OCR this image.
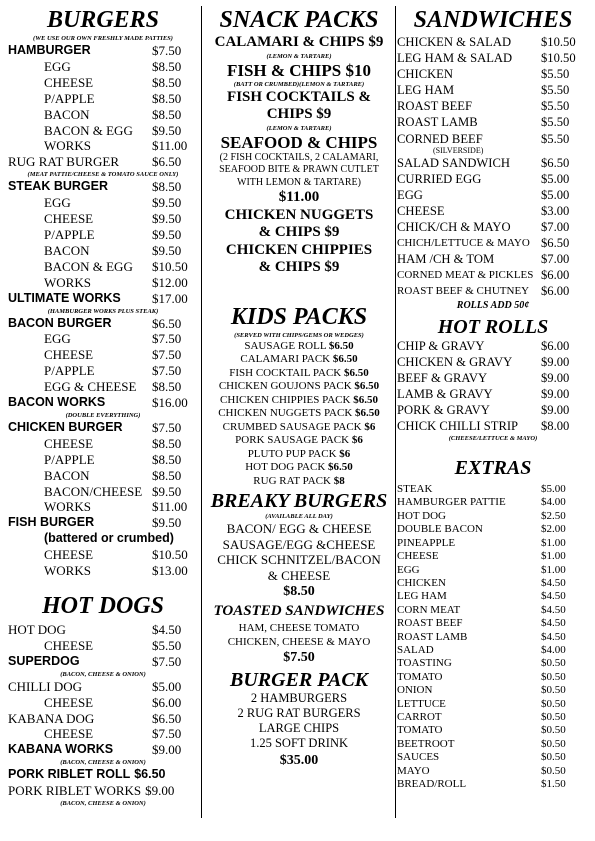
BURGERS
(WE USE OUR OWN FRESHLY MADE PATTIES)
HAMBURGER	$7.50
EGG	$8.50
CHEESE	$8.50
P/APPLE	$8.50
BACON	$8.50
BACON & EGG $9.50
WORKS	$11.00
RUG RAT BURGER	$6.50
(MEAT PATTIE/CHEESE & TOMATO SAUCE ONLY)
STEAK BURGER	$8.50
EGG	$9.50
CHEESE	$9.50
P/APPLE	$9.50
BACON	$9.50
BACON & EGG $10.50
WORKS	$12.00
ULTIMATE WORKS $17.00
(HAMBURGER WORKS PLUS STEAK)
BACON BURGER	$6.50
EGG	$7.50
CHEESE	$7.50
P/APPLE	$7.50
EGG & CHEESE $8.50
BACON WORKS	$16.00
(DOUBLE EVERYTHING)
CHICKEN BURGER $7.50
CHEESE	$8.50
P/APPLE	$8.50
BACON	$8.50
BACON/CHEESE $9.50
WORKS	$11.00
FISH BURGER	$9.50
(battered or crumbed)
CHEESE	$10.50
WORKS	$13.00
HOT DOGS
HOT DOG	$4.50
CHEESE	$5.50
SUPERDOG	$7.50
(BACON, CHEESE & ONION)
CHILLI DOG	$5.00
CHEESE	$6.00
KABANA DOG	$6.50
CHEESE	$7.50
KABANA WORKS	$9.00
(BACON, CHEESE & ONION)
PORK RIBLET ROLL $6.50
PORK RIBLET WORKS $9.00
(BACON, CHEESE & ONION)
SNACK PACKS
CALAMARI & CHIPS $9
(LEMON & TARTARE)
FISH & CHIPS $10
(BATT OR CRUMBED)(LEMON & TARTARE)
FISH COCKTAILS &
CHIPS $9
(LEMON & TARTARE)
SEAFOOD & CHIPS
(2 FISH COCKTAILS, 2 CALAMARI,
SEAFOOD BITE & PRAWN CUTLET
WITH LEMON & TARTARE)
$11.00
CHICKEN NUGGETS
& CHIPS $9
CHICKEN CHIPPIES
& CHIPS $9
KIDS PACKS
(SERVED WITH CHIPS/GEMS OR WEDGES)
SAUSAGE ROLL $6.50
CALAMARI PACK $6.50
FISH COCKTAIL PACK $6.50
CHICKEN GOUJONS PACK $6.50
CHICKEN CHIPPIES PACK $6.50
CHICKEN NUGGETS PACK $6.50
CRUMBED SAUSAGE PACK $6
PORK SAUSAGE PACK $6
PLUTO PUP PACK $6
HOT DOG PACK $6.50
RUG RAT PACK $8
BREAKY BURGERS
(AVAILABLE ALL DAY)
BACON/ EGG & CHEESE
SAUSAGE/EGG &CHEESE
CHICK SCHNITZEL/BACON
& CHEESE
$8.50
TOASTED SANDWICHES
HAM, CHEESE TOMATO
CHICKEN, CHEESE & MAYO
$7.50
BURGER PACK
2 HAMBURGERS
2 RUG RAT BURGERS
LARGE CHIPS
1.25 SOFT DRINK
$35.00
SANDWICHES
CHICKEN & SALAD	$10.50
LEG HAM & SALAD	$10.50
CHICKEN	$5.50
LEG HAM	$5.50
ROAST BEEF	$5.50
ROAST LAMB	$5.50
CORNED BEEF	$5.50
(SILVERSIDE)
SALAD SANDWICH	$6.50
CURRIED EGG	$5.00
EGG	$5.00
CHEESE	$3.00
CHICK/CH & MAYO	$7.00
CHICH/LETTUCE & MAYO $6.50
HAM /CH & TOM	$7.00
CORNED MEAT & PICKLES $6.00
ROAST BEEF & CHUTNEY $6.00
ROLLS ADD 50¢
HOT ROLLS
CHIP & GRAVY	$6.00
CHICKEN & GRAVY	$9.00
BEEF & GRAVY	$9.00
LAMB & GRAVY	$9.00
PORK & GRAVY	$9.00
CHICK CHILLI STRIP	$8.00
(CHEESE/LETTUCE & MAYO)
EXTRAS
STEAK	$5.00
HAMBURGER PATTIE	$4.00
HOT DOG	$2.50
DOUBLE BACON	$2.00
PINEAPPLE	$1.00
CHEESE	$1.00
EGG	$1.00
CHICKEN	$4.50
LEG HAM	$4.50
CORN MEAT	$4.50
ROAST BEEF	$4.50
ROAST LAMB	$4.50
SALAD	$4.00
TOASTING	$0.50
TOMATO	$0.50
ONION	$0.50
LETTUCE	$0.50
CARROT	$0.50
TOMATO	$0.50
BEETROOT	$0.50
SAUCES	$0.50
MAYO	$0.50
BREAD/ROLL	$1.50
